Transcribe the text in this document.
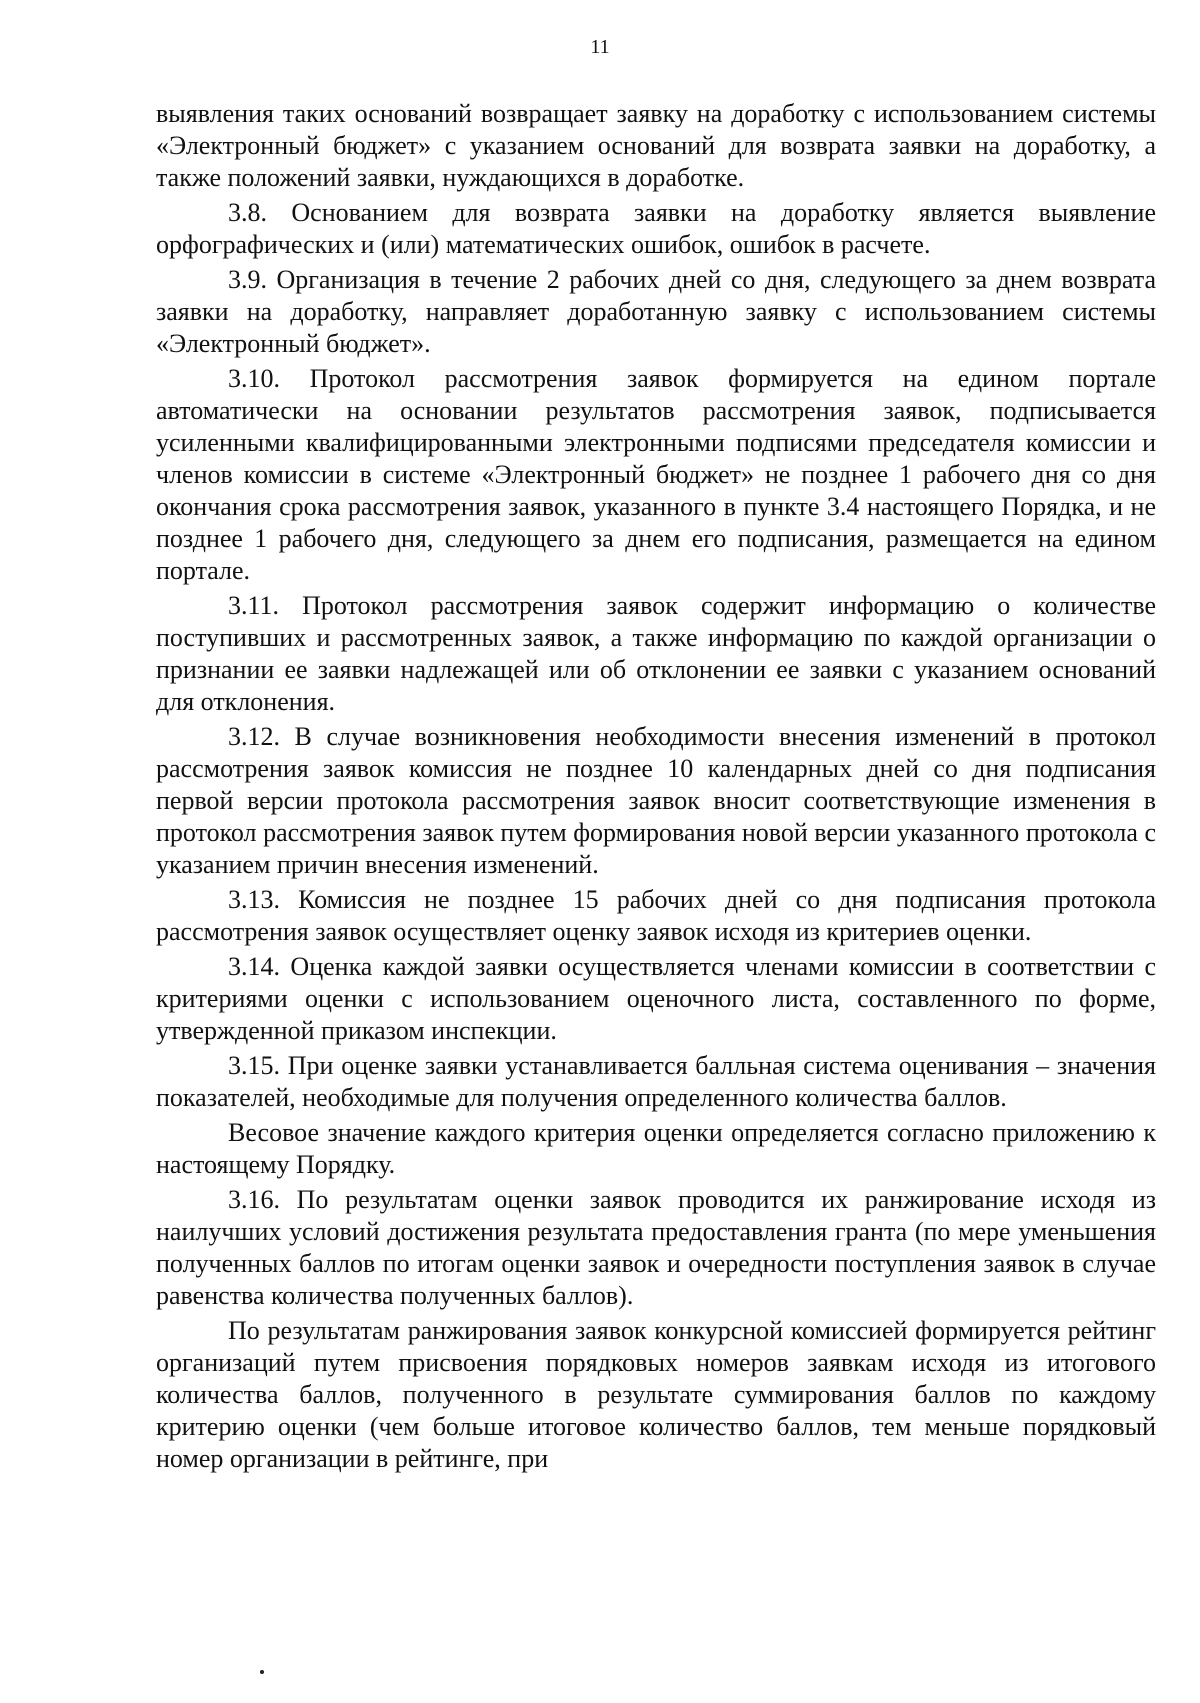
11

выявления таких оснований возвращает заявку на доработку с использованием системы «Электронный бюджет» с указанием оснований для возврата заявки на доработку, а также положений заявки, нуждающихся в доработке.

3.8. Основанием для возврата заявки на доработку является выявление орфографических и (или) математических ошибок, ошибок в расчете.

3.9. Организация в течение 2 рабочих дней со дня, следующего за днем возврата заявки на доработку, направляет доработанную заявку с использованием системы «Электронный бюджет».

3.10. Протокол рассмотрения заявок формируется на едином портале автоматически на основании результатов рассмотрения заявок, подписывается усиленными квалифицированными электронными подписями председателя комиссии и членов комиссии в системе «Электронный бюджет» не позднее 1 рабочего дня со дня окончания срока рассмотрения заявок, указанного в пункте 3.4 настоящего Порядка, и не позднее 1 рабочего дня, следующего за днем его подписания, размещается на едином портале.

3.11. Протокол рассмотрения заявок содержит информацию о количестве поступивших и рассмотренных заявок, а также информацию по каждой организации о признании ее заявки надлежащей или об отклонении ее заявки с указанием оснований для отклонения.

3.12. В случае возникновения необходимости внесения изменений в протокол рассмотрения заявок комиссия не позднее 10 календарных дней со дня подписания первой версии протокола рассмотрения заявок вносит соответствующие изменения в протокол рассмотрения заявок путем формирования новой версии указанного протокола с указанием причин внесения изменений.

3.13. Комиссия не позднее 15 рабочих дней со дня подписания протокола рассмотрения заявок осуществляет оценку заявок исходя из критериев оценки.

3.14. Оценка каждой заявки осуществляется членами комиссии в соответствии с критериями оценки с использованием оценочного листа, составленного по форме, утвержденной приказом инспекции.

3.15. При оценке заявки устанавливается балльная система оценивания – значения показателей, необходимые для получения определенного количества баллов.

Весовое значение каждого критерия оценки определяется согласно приложению к настоящему Порядку.

3.16. По результатам оценки заявок проводится их ранжирование исходя из наилучших условий достижения результата предоставления гранта (по мере уменьшения полученных баллов по итогам оценки заявок и очередности поступления заявок в случае равенства количества полученных баллов).

По результатам ранжирования заявок конкурсной комиссией формируется рейтинг организаций путем присвоения порядковых номеров заявкам исходя из итогового количества баллов, полученного в результате суммирования баллов по каждому критерию оценки (чем больше итоговое количество баллов, тем меньше порядковый номер организации в рейтинге, при
